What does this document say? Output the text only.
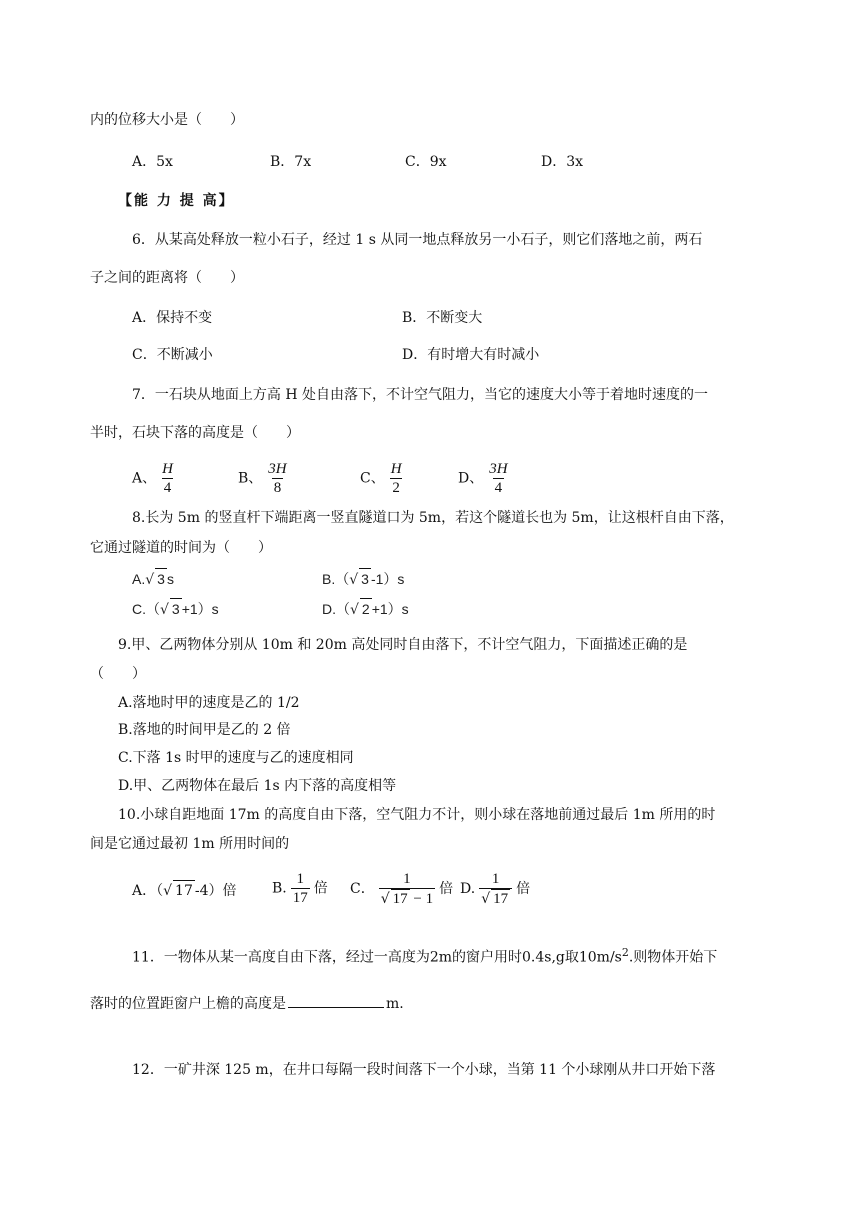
内的位移大小是（　　）
A．5x	B．7x	C．9x	D．3x
【能 力 提 高】
6．从某高处释放一粒小石子，经过 1 s 从同一地点释放另一小石子，则它们落地之前，两石
子之间的距离将（　　）
A．保持不变	B．不断变大
C．不断减小	D．有时增大有时减小
7．一石块从地面上方高 H 处自由落下，不计空气阻力，当它的速度大小等于着地时速度的一
半时，石块下落的高度是（　　）
A、 $\frac{H}{4}$	B、 $\frac{3H}{8}$	C、 $\frac{H}{2}$	D、 $\frac{3H}{4}$
8.长为 5m 的竖直杆下端距离一竖直隧道口为 5m，若这个隧道长也为 5m，让这根杆自由下落，
它通过隧道的时间为（　　）
A.√ 3 s	B.（√ 3 -1）s
C.（√ 3 +1）s	D.（√ 2 +1）s
9.甲、乙两物体分别从 10m 和 20m 高处同时自由落下，不计空气阻力，下面描述正确的是
（　　）
A.落地时甲的速度是乙的 1/2
B.落地的时间甲是乙的 2 倍
C.下落 1s 时甲的速度与乙的速度相同
D.甲、乙两物体在最后 1s 内下落的高度相等
10.小球自距地面 17m 的高度自由下落，空气阻力不计，则小球在落地前通过最后 1m 所用的时
间是它通过最初 1m 所用时间的
A．（√ 17 -4）倍	B. $\frac{1}{17}$ 倍 C． $\frac{1}{√ 17 - 1}$ 倍 D. $\frac{1}{√ 17}$ 倍
11．一物体从某一高度自由下落，经过一高度为2m的窗户用时0.4s,g取$10m/s^2$.则物体开始下
落时的位置距窗户上檐的高度是	m.
12．一矿井深 125 m，在井口每隔一段时间落下一个小球，当第 11 个小球刚从井口开始下落
